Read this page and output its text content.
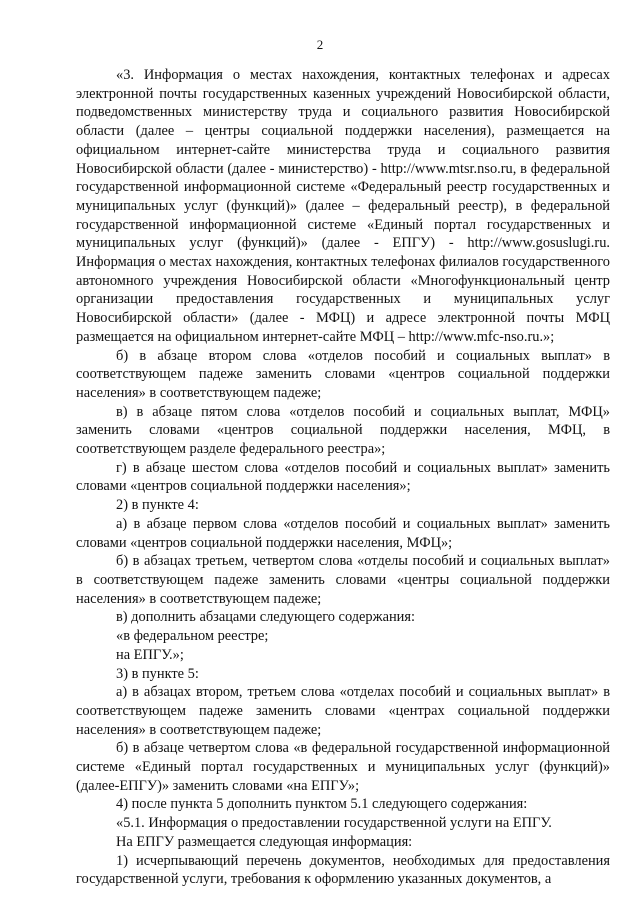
2

«3. Информация о местах нахождения, контактных телефонах и адресах электронной почты государственных казенных учреждений Новосибирской области, подведомственных министерству труда и социального развития Новосибирской области (далее – центры социальной поддержки населения), размещается на официальном интернет-сайте министерства труда и социального развития Новосибирской области (далее - министерство) - http://www.mtsr.nso.ru, в федеральной государственной информационной системе «Федеральный реестр государственных и муниципальных услуг (функций)» (далее – федеральный реестр), в федеральной государственной информационной системе «Единый портал государственных и муниципальных услуг (функций)» (далее - ЕПГУ) - http://www.gosuslugi.ru. Информация о местах нахождения, контактных телефонах филиалов государственного автономного учреждения Новосибирской области «Многофункциональный центр организации предоставления государственных и муниципальных услуг Новосибирской области» (далее - МФЦ) и адресе электронной почты МФЦ размещается на официальном интернет-сайте МФЦ – http://www.mfc-nso.ru.»;

б) в абзаце втором слова «отделов пособий и социальных выплат» в соответствующем падеже заменить словами «центров социальной поддержки населения» в соответствующем падеже;

в) в абзаце пятом слова «отделов пособий и социальных выплат, МФЦ» заменить словами «центров социальной поддержки населения, МФЦ, в соответствующем разделе федерального реестра»;

г) в абзаце шестом слова «отделов пособий и социальных выплат» заменить словами «центров социальной поддержки населения»;

2) в пункте 4:

а) в абзаце первом слова «отделов пособий и социальных выплат» заменить словами «центров социальной поддержки населения, МФЦ»;

б) в абзацах третьем, четвертом слова «отделы пособий и социальных выплат» в соответствующем падеже заменить словами «центры социальной поддержки населения» в соответствующем падеже;

в) дополнить абзацами следующего содержания:

«в федеральном реестре;

на ЕПГУ.»;

3) в пункте 5:

а) в абзацах втором, третьем слова «отделах пособий и социальных выплат» в соответствующем падеже заменить словами «центрах социальной поддержки населения» в соответствующем падеже;

б) в абзаце четвертом слова «в федеральной государственной информационной системе «Единый портал государственных и муниципальных услуг (функций)» (далее-ЕПГУ)» заменить словами «на ЕПГУ»;

4) после пункта 5 дополнить пунктом 5.1 следующего содержания:

«5.1. Информация о предоставлении государственной услуги на ЕПГУ.

На ЕПГУ размещается следующая информация:

1) исчерпывающий перечень документов, необходимых для предоставления государственной услуги, требования к оформлению указанных документов, а
